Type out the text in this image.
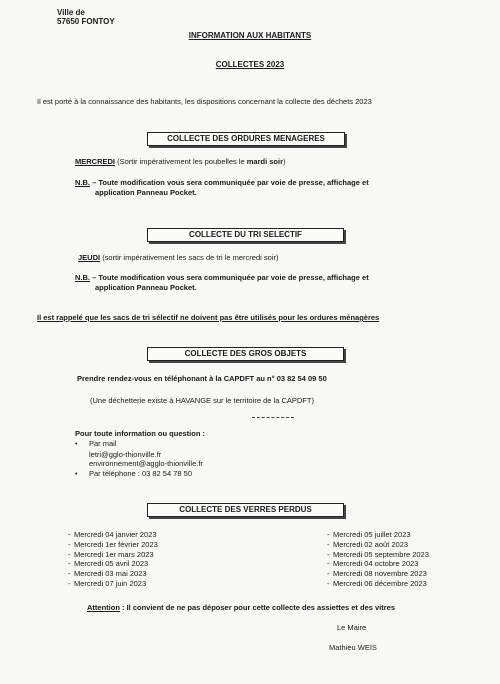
Ville de
57650 FONTOY
INFORMATION AUX HABITANTS
COLLECTES 2023
Il est porté à la connaissance des habitants, les dispositions concernant la collecte des déchets 2023
COLLECTE DES ORDURES MENAGERES
MERCREDI (Sortir impérativement les poubelles le mardi soir)
N.B. – Toute modification vous sera communiquée par voie de presse, affichage et
application Panneau Pocket.
COLLECTE DU TRI SELECTIF
JEUDI (sortir impérativement les sacs de tri le mercredi soir)
N.B. – Toute modification vous sera communiquée par voie de presse, affichage et
application Panneau Pocket.
Il est rappelé que les sacs de tri sélectif ne doivent pas être utilisés pour les ordures ménagères
COLLECTE DES GROS OBJETS
Prendre rendez-vous en téléphonant à la CAPDFT au n° 03 82 54 09 50
(Une déchetterie existe à HAVANGE sur le territoire de la CAPDFT)
Pour toute information ou question :
• Par mail
letri@gglo-thionville.fr
environnement@agglo-thionville.fr
• Par téléphone : 03 82 54 78 50
COLLECTE DES VERRES PERDUS
- Mercredi 04 janvier 2023
- Mercredi 1er février 2023
- Mercredi 1er mars 2023
- Mercredi 05 avril 2023
- Mercredi 03 mai 2023
- Mercredi 07 juin 2023
- Mercredi 05 juillet 2023
- Mercredi 02 août 2023
- Mercredi 05 septembre 2023
- Mercredi 04 octobre 2023
- Mercredi 08 novembre 2023
- Mercredi 06 décembre 2023
Attention : Il convient de ne pas déposer pour cette collecte des assiettes et des vitres
Le Maire
Mathieu WEIS
